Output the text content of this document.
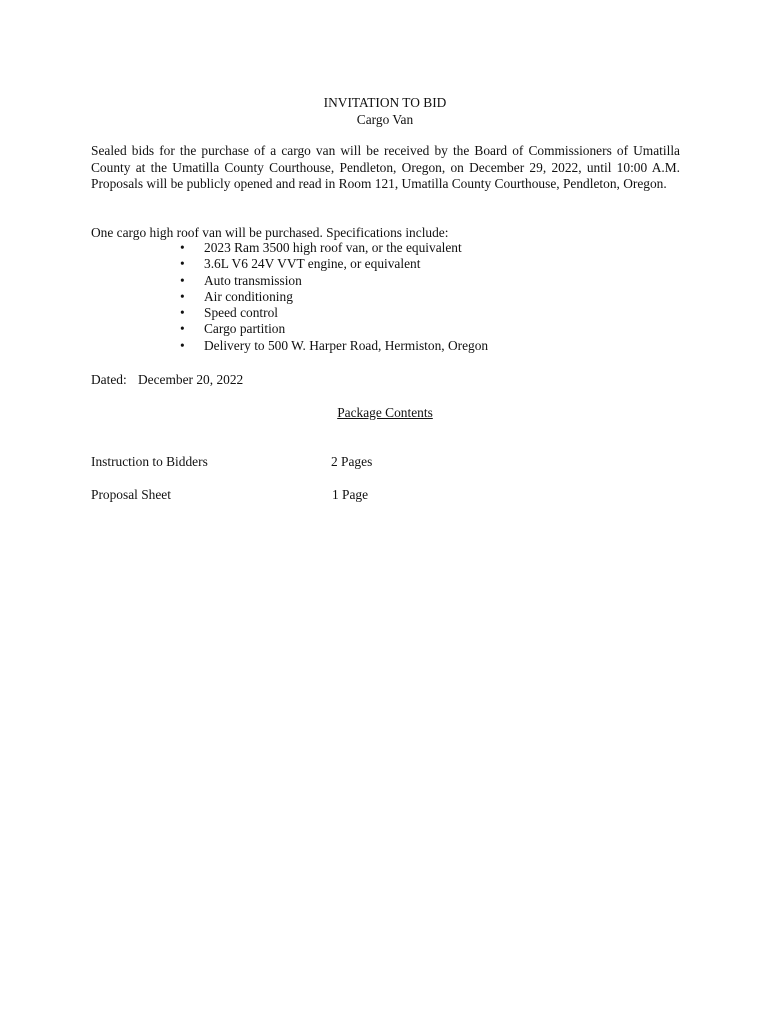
INVITATION TO BID
Cargo Van

Sealed bids for the purchase of a cargo van will be received by the Board of Commissioners of Umatilla County at the Umatilla County Courthouse, Pendleton, Oregon, on December 29, 2022, until 10:00 A.M. Proposals will be publicly opened and read in Room 121, Umatilla County Courthouse, Pendleton, Oregon.

One cargo high roof van will be purchased. Specifications include:
• 2023 Ram 3500 high roof van, or the equivalent
• 3.6L V6 24V VVT engine, or equivalent
• Auto transmission
• Air conditioning
• Speed control
• Cargo partition
• Delivery to 500 W. Harper Road, Hermiston, Oregon
Dated: December 20, 2022
Package Contents
Instruction to Bidders	2 Pages
Proposal Sheet	1 Page
